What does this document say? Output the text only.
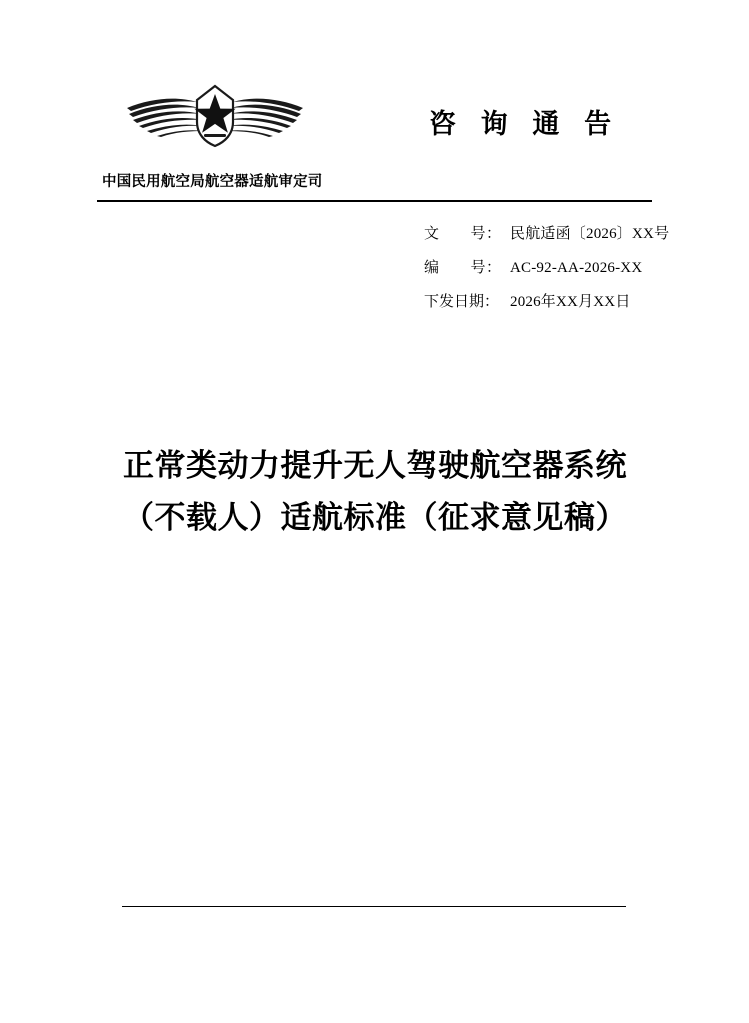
咨 询 通 告
中国民用航空局航空器适航审定司
文　　号： 民航适函〔2026〕XX号
编　　号： AC-92-AA-2026-XX
下发日期： 2026年XX月XX日
正常类动力提升无人驾驶航空器系统
（不载人）适航标准（征求意见稿）
